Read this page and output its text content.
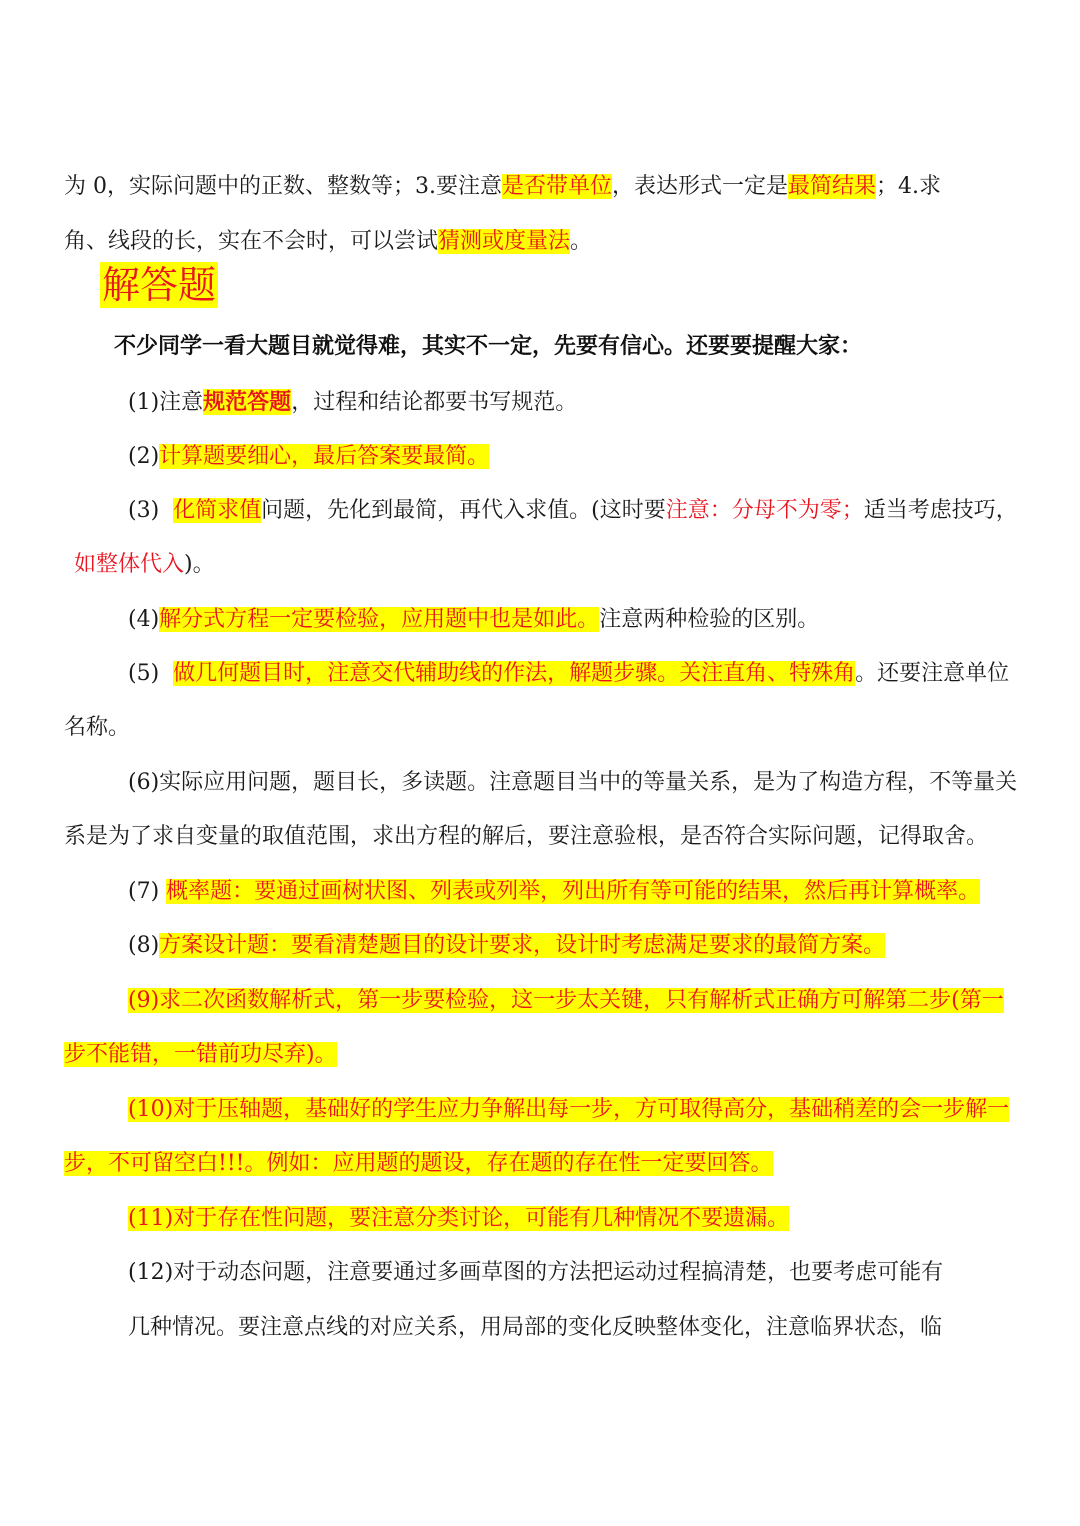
为 0，实际问题中的正数、整数等；3.要注意是否带单位，表达形式一定是最简结果；4.求
角、线段的长，实在不会时，可以尝试猜测或度量法。
解答题
不少同学一看大题目就觉得难，其实不一定，先要有信心。还要要提醒大家：
(1)注意规范答题，过程和结论都要书写规范。
(2)计算题要细心，最后答案要最简。
(3)  化简求值问题，先化到最简，再代入求值。(这时要注意：分母不为零；适当考虑技巧，
如整体代入)。
(4)解分式方程一定要检验，应用题中也是如此。注意两种检验的区别。
(5)  做几何题目时，注意交代辅助线的作法，解题步骤。关注直角、特殊角。还要注意单位
名称。
(6)实际应用问题，题目长，多读题。注意题目当中的等量关系，是为了构造方程，不等量关
系是为了求自变量的取值范围，求出方程的解后，要注意验根，是否符合实际问题，记得取舍。
(7) 概率题：要通过画树状图、列表或列举，列出所有等可能的结果，然后再计算概率。
(8)方案设计题：要看清楚题目的设计要求，设计时考虑满足要求的最简方案。
(9)求二次函数解析式，第一步要检验，这一步太关键，只有解析式正确方可解第二步(第一
步不能错，一错前功尽弃)。
(10)对于压轴题，基础好的学生应力争解出每一步，方可取得高分，基础稍差的会一步解一
步，不可留空白!!!。例如：应用题的题设，存在题的存在性一定要回答。
(11)对于存在性问题，要注意分类讨论，可能有几种情况不要遗漏。
(12)对于动态问题，注意要通过多画草图的方法把运动过程搞清楚，也要考虑可能有
几种情况。要注意点线的对应关系，用局部的变化反映整体变化，注意临界状态，临
